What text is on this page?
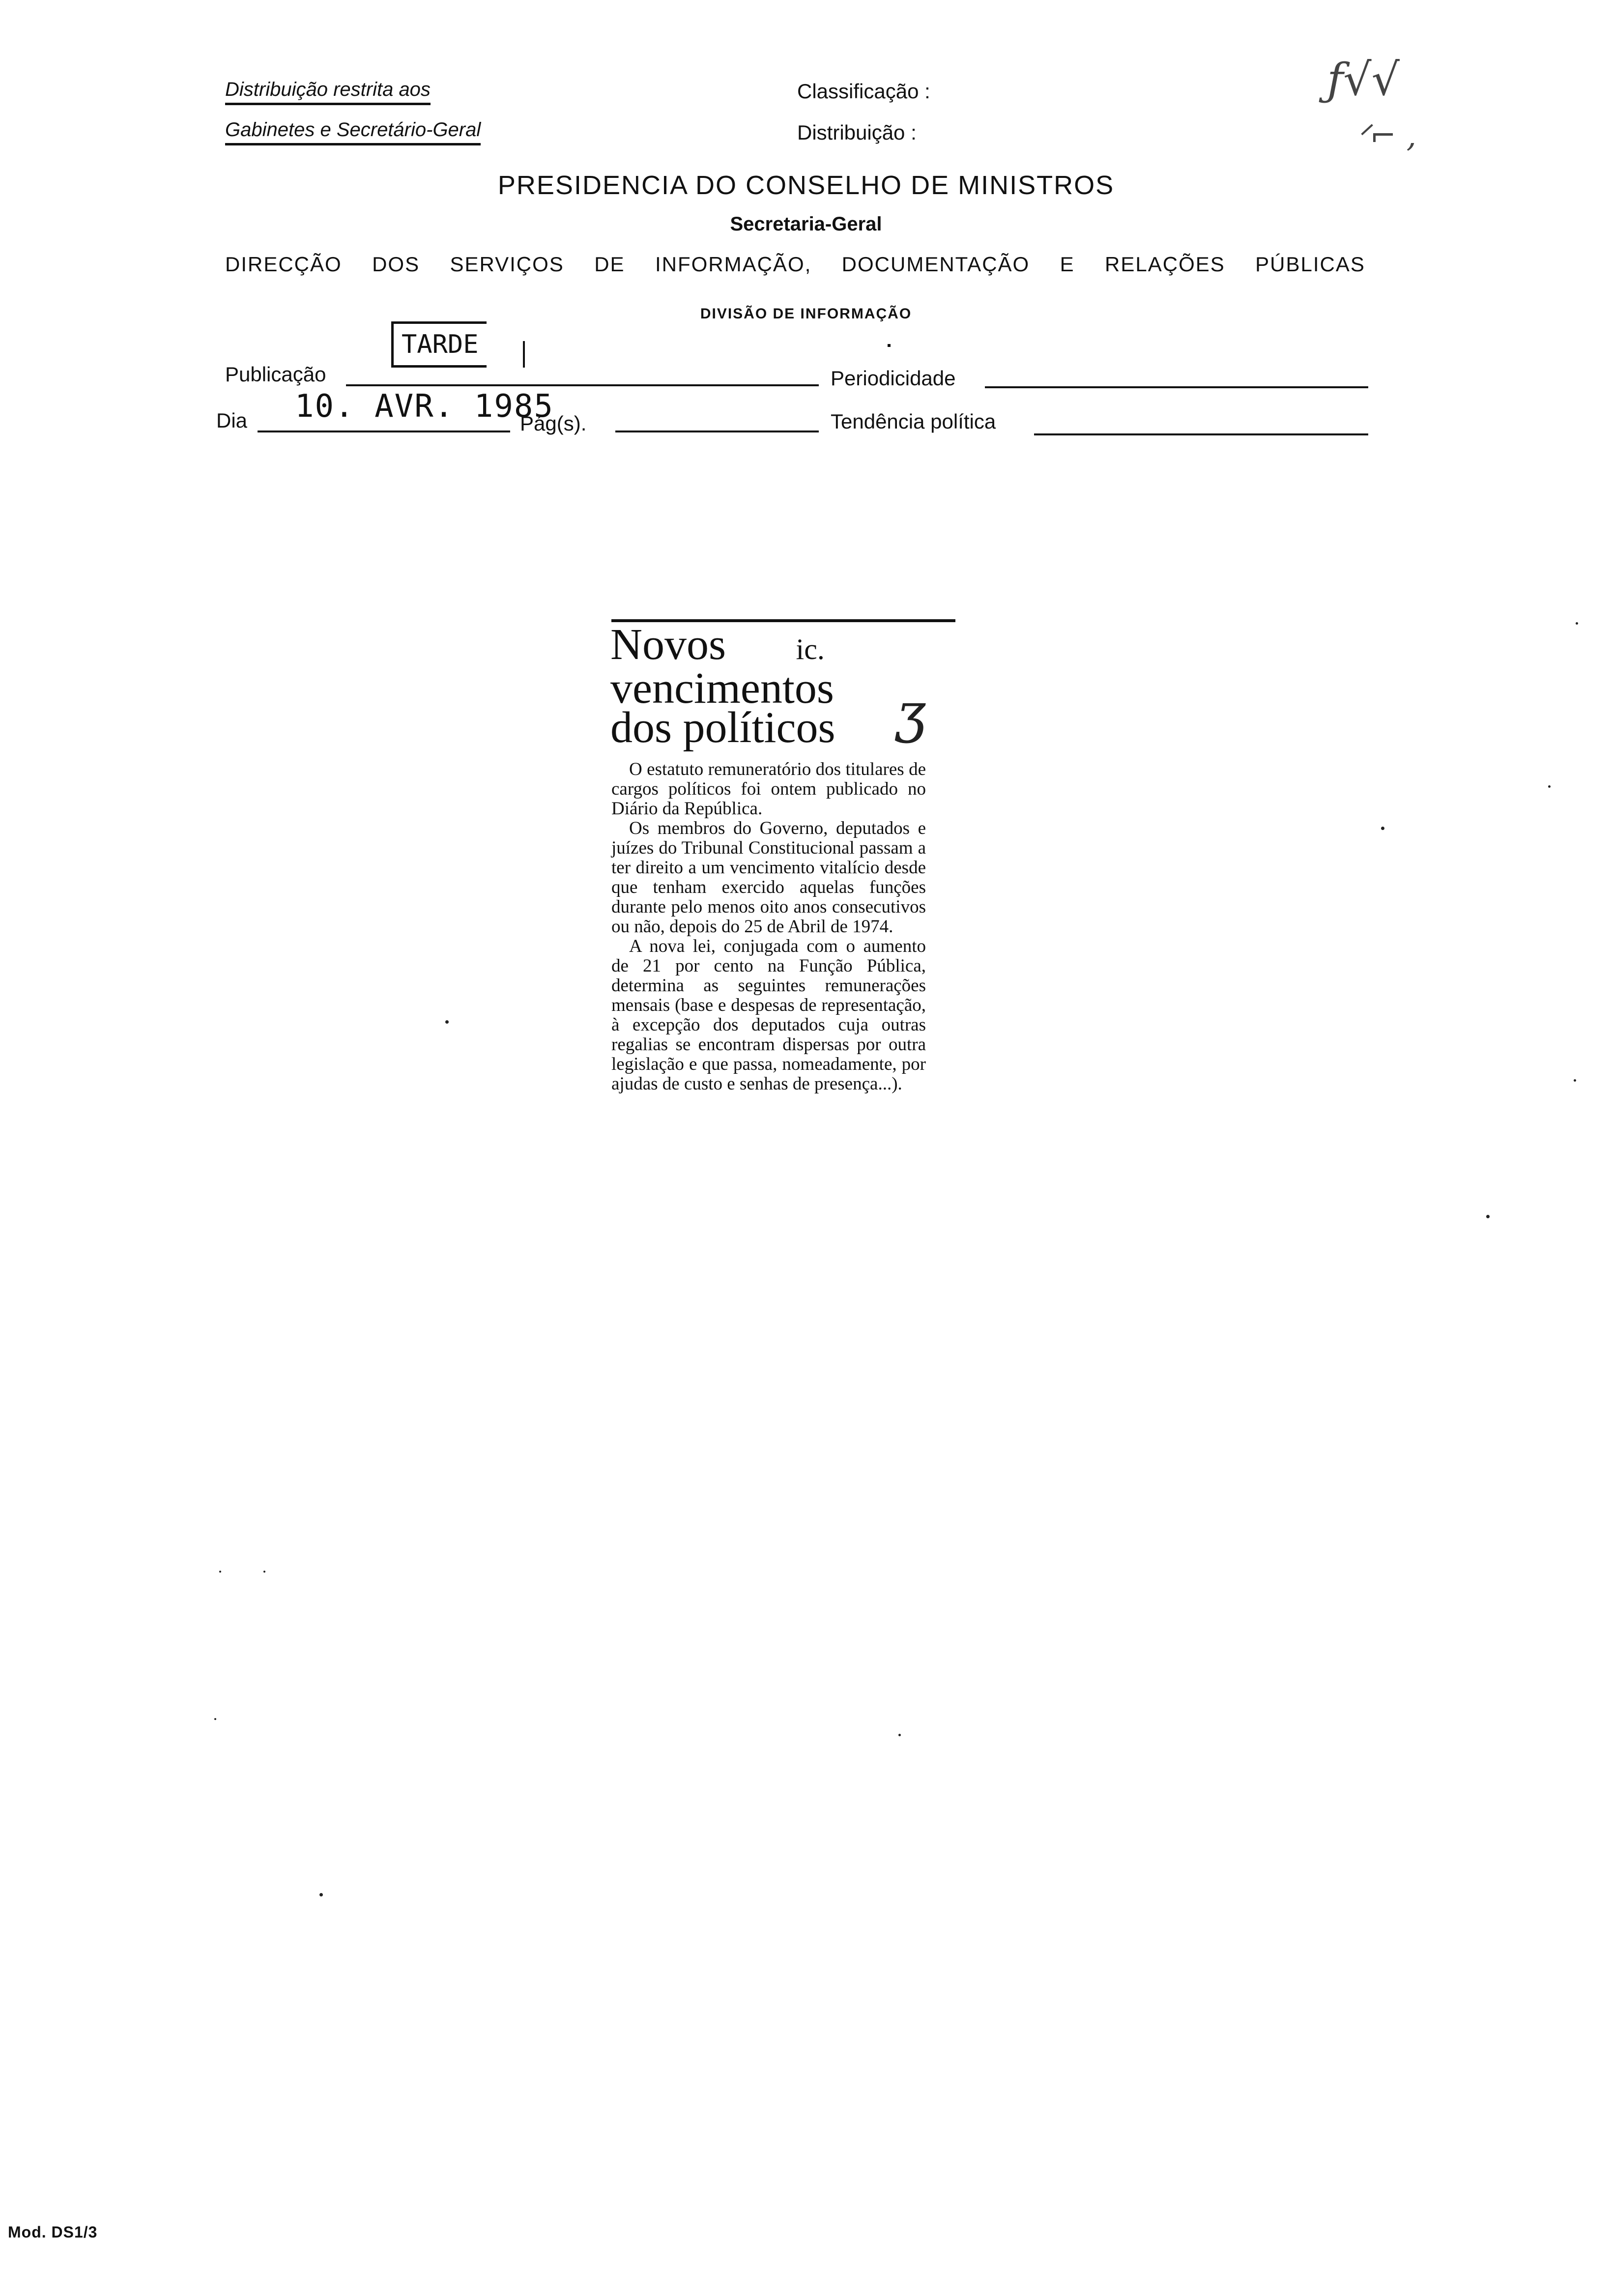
Distribuição restrita aos
Gabinetes e Secretário-Geral
Classificação :
Distribuição :
ƒ√√
ᐟ⌐ ‚
PRESIDENCIA DO CONSELHO DE MINISTROS
Secretaria-Geral
DIRECÇÃO DOS SERVIÇOS DE INFORMAÇÃO, DOCUMENTAÇÃO E RELAÇÕES PÚBLICAS
DIVISÃO DE INFORMAÇÃO
Publicação
TARDE
Periodicidade
Dia 10. AVR. 1985
Pág(s).	Tendência política
Novos ic.
vencimentos
dos políticos	ʒ

O estatuto remuneratório dos titulares de cargos políticos foi ontem publicado no Diário da República.

Os membros do Governo, deputados e juízes do Tribunal Constitucional passam a ter direito a um vencimento vitalício desde que tenham exercido aquelas funções durante pelo menos oito anos consecutivos ou não, depois do 25 de Abril de 1974.

A nova lei, conjugada com o aumento de 21 por cento na Função Pública, determina as seguintes remunerações mensais (base e despesas de representação, à excepção dos deputados cuja outras regalias se encontram dispersas por outra legislação e que passa, nomeadamente, por ajudas de custo e senhas de presença...).

Mod. DS1/3
